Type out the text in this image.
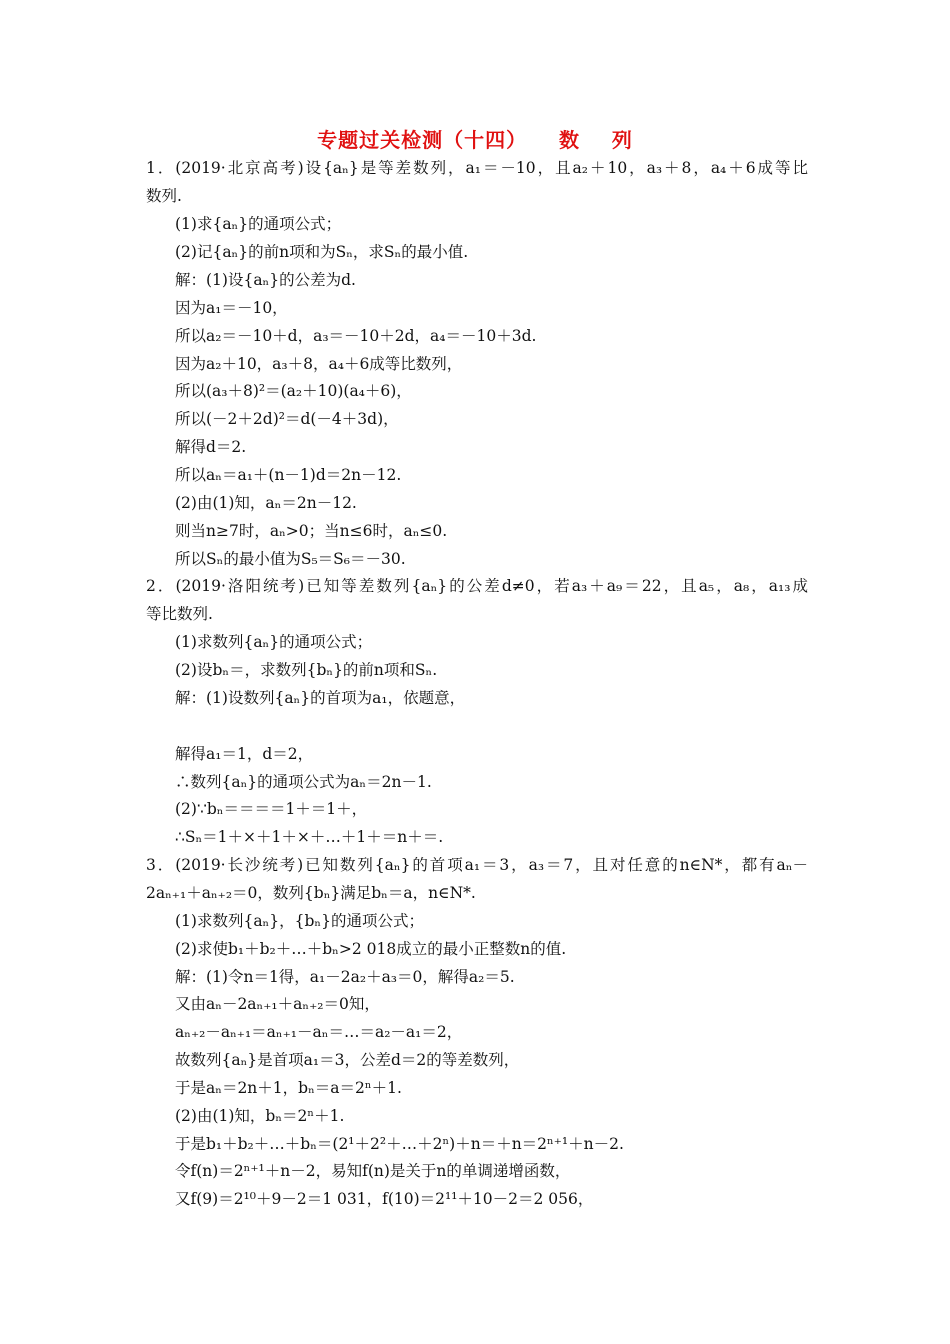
专题过关检测（十四）    数    列
1．(2019·北京高考)设{aₙ}是等差数列，a₁＝－10，且a₂＋10，a₃＋8，a₄＋6成等比
数列.
(1)求{aₙ}的通项公式；
(2)记{aₙ}的前n项和为Sₙ，求Sₙ的最小值.
解：(1)设{aₙ}的公差为d.
因为a₁＝－10，
所以a₂＝－10＋d，a₃＝－10＋2d，a₄＝－10＋3d.
因为a₂＋10，a₃＋8，a₄＋6成等比数列，
所以(a₃＋8)²＝(a₂＋10)(a₄＋6)，
所以(－2＋2d)²＝d(－4＋3d)，
解得d＝2.
所以aₙ＝a₁＋(n－1)d＝2n－12.
(2)由(1)知，aₙ＝2n－12.
则当n≥7时，aₙ>0；当n≤6时，aₙ≤0.
所以Sₙ的最小值为S₅＝S₆＝－30.
2．(2019·洛阳统考)已知等差数列{aₙ}的公差d≠0，若a₃＋a₉＝22，且a₅，a₈，a₁₃成
等比数列.
(1)求数列{aₙ}的通项公式；
(2)设bₙ＝，求数列{bₙ}的前n项和Sₙ.
解：(1)设数列{aₙ}的首项为a₁，依题意，
解得a₁＝1，d＝2，
∴数列{aₙ}的通项公式为aₙ＝2n－1.
(2)∵bₙ＝＝＝＝1＋＝1＋，
∴Sₙ＝1＋×＋1＋×＋…＋1＋＝n＋＝.
3．(2019·长沙统考)已知数列{aₙ}的首项a₁＝3，a₃＝7，且对任意的n∈N*，都有aₙ－
2aₙ₊₁＋aₙ₊₂＝0，数列{bₙ}满足bₙ＝a，n∈N*.
(1)求数列{aₙ}，{bₙ}的通项公式；
(2)求使b₁＋b₂＋…＋bₙ>2 018成立的最小正整数n的值.
解：(1)令n＝1得，a₁－2a₂＋a₃＝0，解得a₂＝5.
又由aₙ－2aₙ₊₁＋aₙ₊₂＝0知，
aₙ₊₂－aₙ₊₁＝aₙ₊₁－aₙ＝…＝a₂－a₁＝2，
故数列{aₙ}是首项a₁＝3，公差d＝2的等差数列，
于是aₙ＝2n＋1，bₙ＝a＝2ⁿ＋1.
(2)由(1)知，bₙ＝2ⁿ＋1.
于是b₁＋b₂＋…＋bₙ＝(2¹＋2²＋…＋2ⁿ)＋n＝＋n＝2ⁿ⁺¹＋n－2.
令f(n)＝2ⁿ⁺¹＋n－2，易知f(n)是关于n的单调递增函数，
又f(9)＝2¹⁰＋9－2＝1 031，f(10)＝2¹¹＋10－2＝2 056，
